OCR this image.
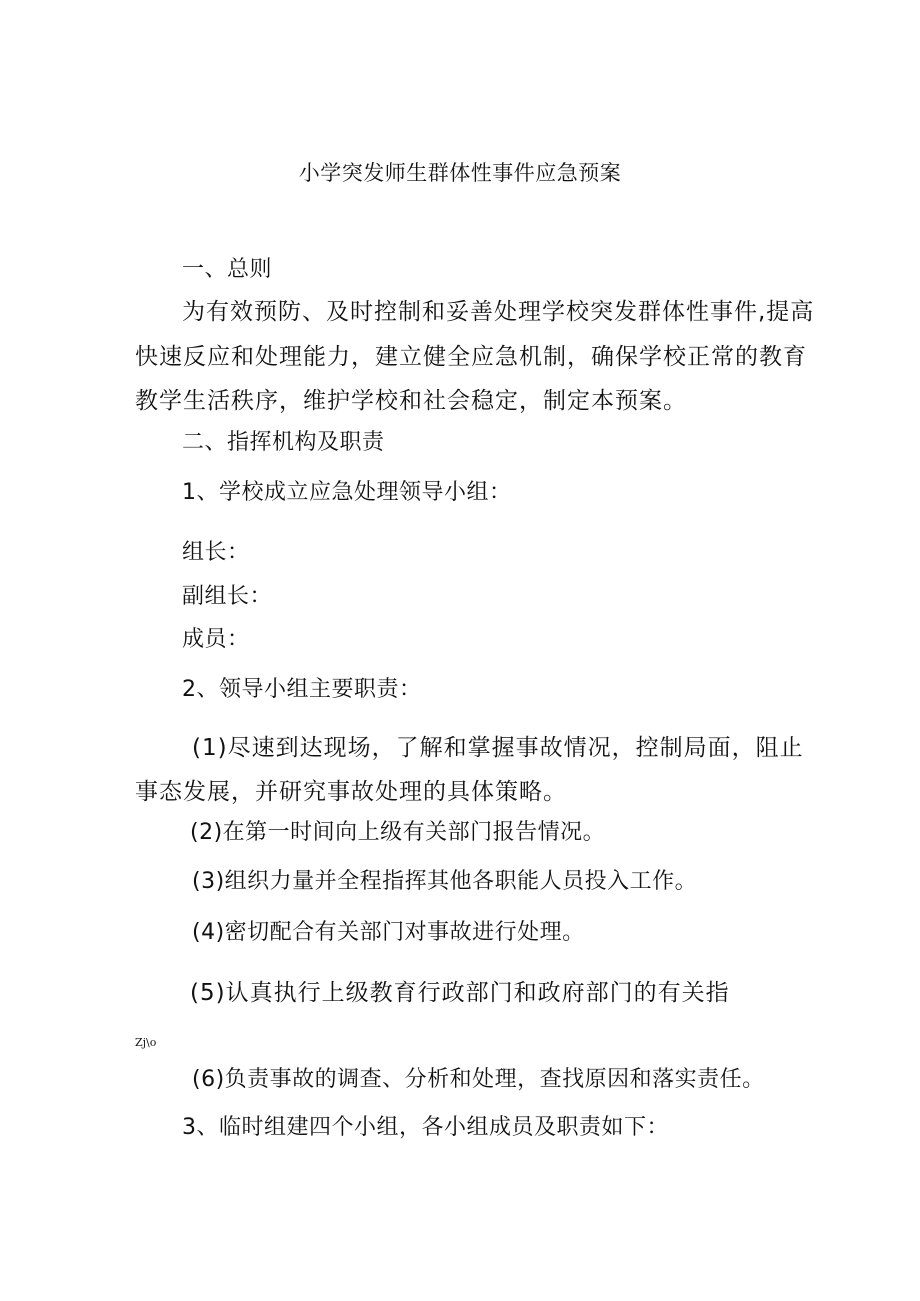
小学突发师生群体性事件应急预案
一、总则
为有效预防、及时控制和妥善处理学校突发群体性事件,提高
快速反应和处理能力，建立健全应急机制，确保学校正常的教育
教学生活秩序，维护学校和社会稳定，制定本预案。
二、指挥机构及职责
1、学校成立应急处理领导小组：
组长：
副组长：
成员：
2、领导小组主要职责：
(1)尽速到达现场，了解和掌握事故情况，控制局面，阻止
事态发展，并研究事故处理的具体策略。
(2)在第一时间向上级有关部门报告情况。
(3)组织力量并全程指挥其他各职能人员投入工作。
(4)密切配合有关部门对事故进行处理。
(5)认真执行上级教育行政部门和政府部门的有关指
Zj\o
(6)负责事故的调查、分析和处理，查找原因和落实责任。
3、临时组建四个小组，各小组成员及职责如下：
